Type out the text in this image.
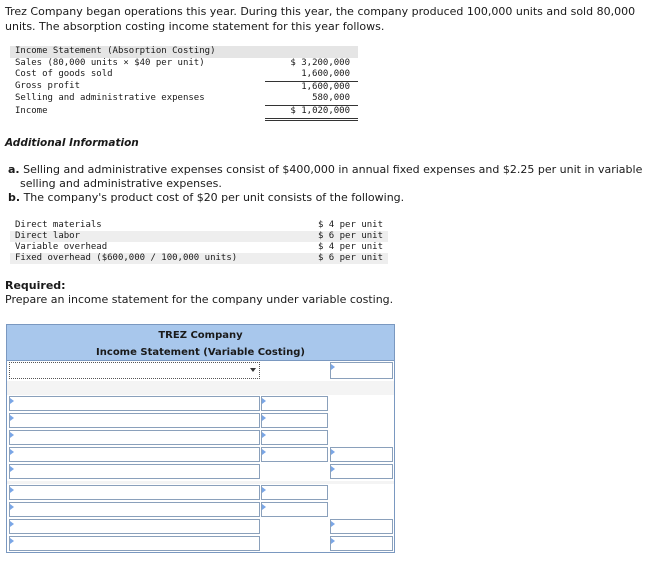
Trez Company began operations this year. During this year, the company produced 100,000 units and sold 80,000 units. The absorption costing income statement for this year follows.
Income Statement (Absorption Costing)	
Sales (80,000 units × $40 per unit)	$ 3,200,000
Cost of goods sold	1,600,000
Gross profit	1,600,000
Selling and administrative expenses	580,000
Income	$ 1,020,000
Additional Information
a. Selling and administrative expenses consist of $400,000 in annual fixed expenses and $2.25 per unit in variable selling and administrative expenses.
b. The company's product cost of $20 per unit consists of the following.
Direct materials	$ 4 per unit
Direct labor	$ 6 per unit
Variable overhead	$ 4 per unit
Fixed overhead ($600,000 / 100,000 units)	$ 6 per unit
Required:
Prepare an income statement for the company under variable costing.
TREZ Company
Income Statement (Variable Costing)
